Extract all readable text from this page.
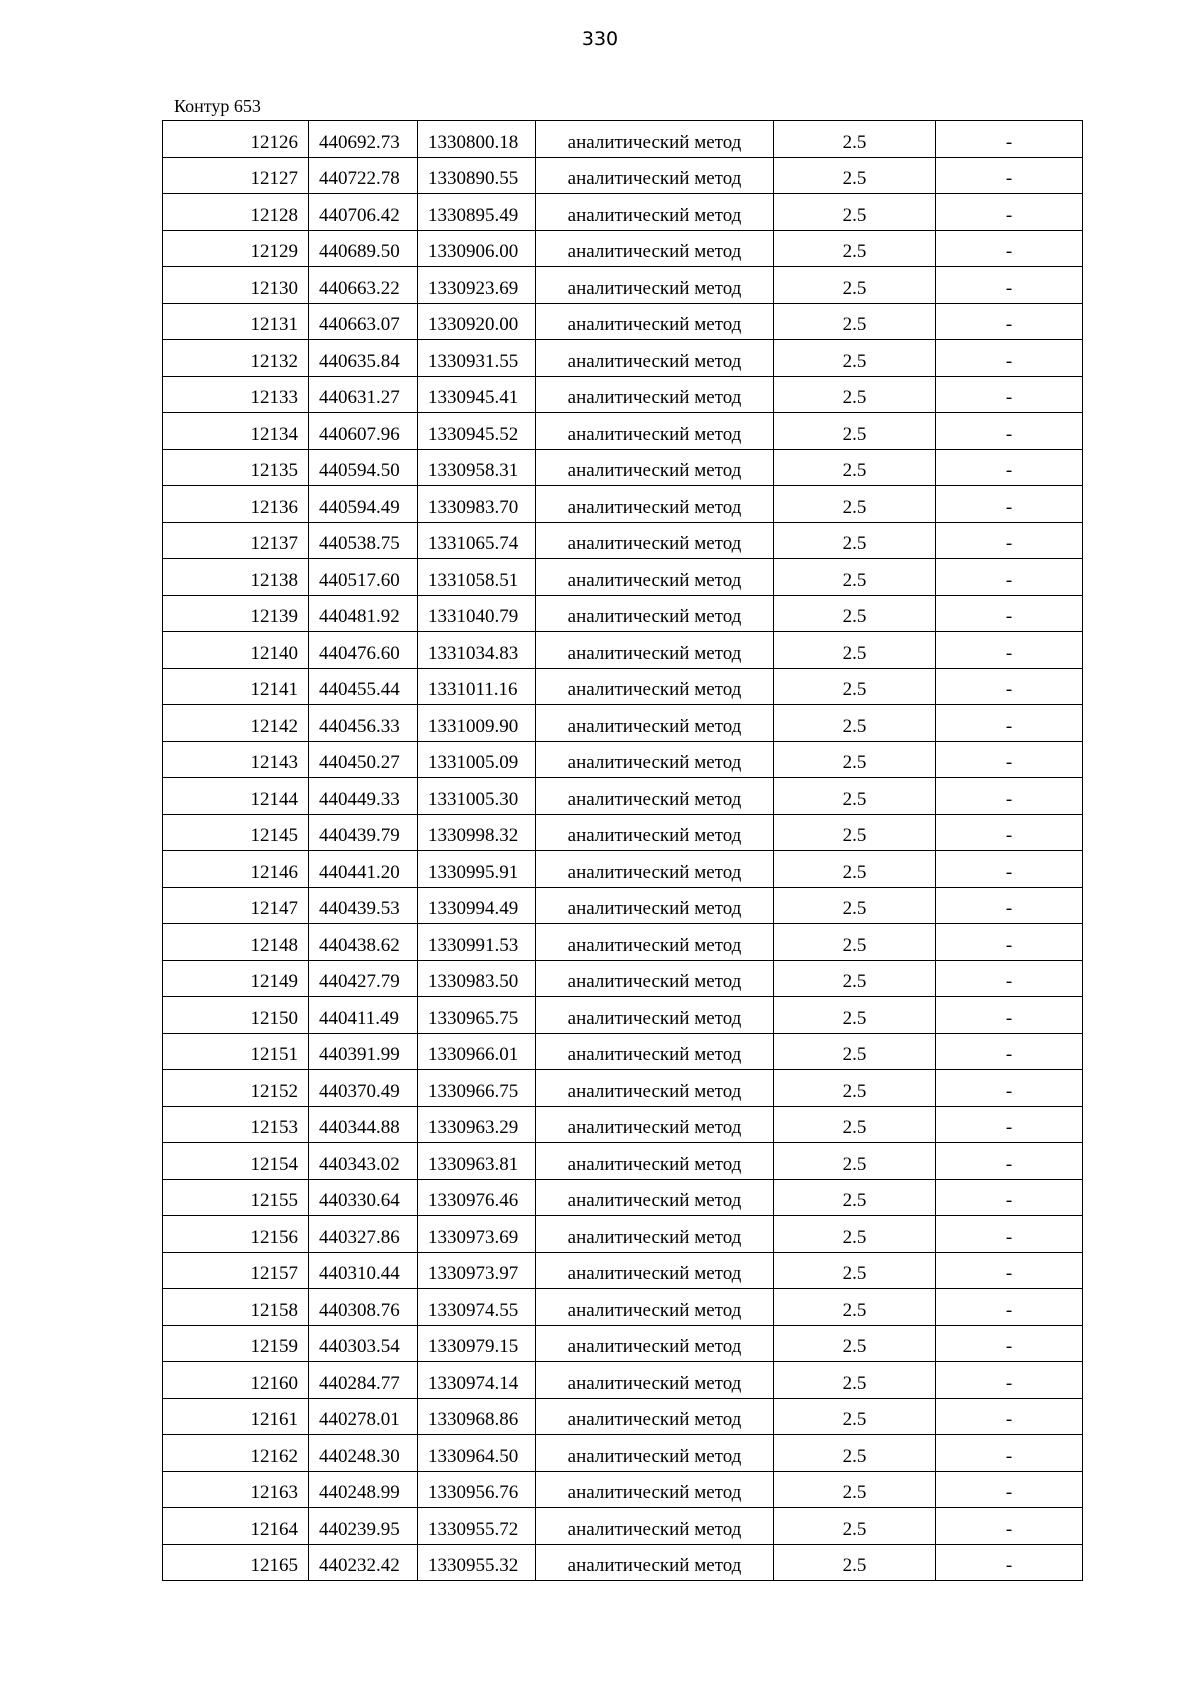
330
Контур 653
12126	440692.73	1330800.18	аналитический метод	2.5	-
12127	440722.78	1330890.55	аналитический метод	2.5	-
12128	440706.42	1330895.49	аналитический метод	2.5	-
12129	440689.50	1330906.00	аналитический метод	2.5	-
12130	440663.22	1330923.69	аналитический метод	2.5	-
12131	440663.07	1330920.00	аналитический метод	2.5	-
12132	440635.84	1330931.55	аналитический метод	2.5	-
12133	440631.27	1330945.41	аналитический метод	2.5	-
12134	440607.96	1330945.52	аналитический метод	2.5	-
12135	440594.50	1330958.31	аналитический метод	2.5	-
12136	440594.49	1330983.70	аналитический метод	2.5	-
12137	440538.75	1331065.74	аналитический метод	2.5	-
12138	440517.60	1331058.51	аналитический метод	2.5	-
12139	440481.92	1331040.79	аналитический метод	2.5	-
12140	440476.60	1331034.83	аналитический метод	2.5	-
12141	440455.44	1331011.16	аналитический метод	2.5	-
12142	440456.33	1331009.90	аналитический метод	2.5	-
12143	440450.27	1331005.09	аналитический метод	2.5	-
12144	440449.33	1331005.30	аналитический метод	2.5	-
12145	440439.79	1330998.32	аналитический метод	2.5	-
12146	440441.20	1330995.91	аналитический метод	2.5	-
12147	440439.53	1330994.49	аналитический метод	2.5	-
12148	440438.62	1330991.53	аналитический метод	2.5	-
12149	440427.79	1330983.50	аналитический метод	2.5	-
12150	440411.49	1330965.75	аналитический метод	2.5	-
12151	440391.99	1330966.01	аналитический метод	2.5	-
12152	440370.49	1330966.75	аналитический метод	2.5	-
12153	440344.88	1330963.29	аналитический метод	2.5	-
12154	440343.02	1330963.81	аналитический метод	2.5	-
12155	440330.64	1330976.46	аналитический метод	2.5	-
12156	440327.86	1330973.69	аналитический метод	2.5	-
12157	440310.44	1330973.97	аналитический метод	2.5	-
12158	440308.76	1330974.55	аналитический метод	2.5	-
12159	440303.54	1330979.15	аналитический метод	2.5	-
12160	440284.77	1330974.14	аналитический метод	2.5	-
12161	440278.01	1330968.86	аналитический метод	2.5	-
12162	440248.30	1330964.50	аналитический метод	2.5	-
12163	440248.99	1330956.76	аналитический метод	2.5	-
12164	440239.95	1330955.72	аналитический метод	2.5	-
12165	440232.42	1330955.32	аналитический метод	2.5	-
